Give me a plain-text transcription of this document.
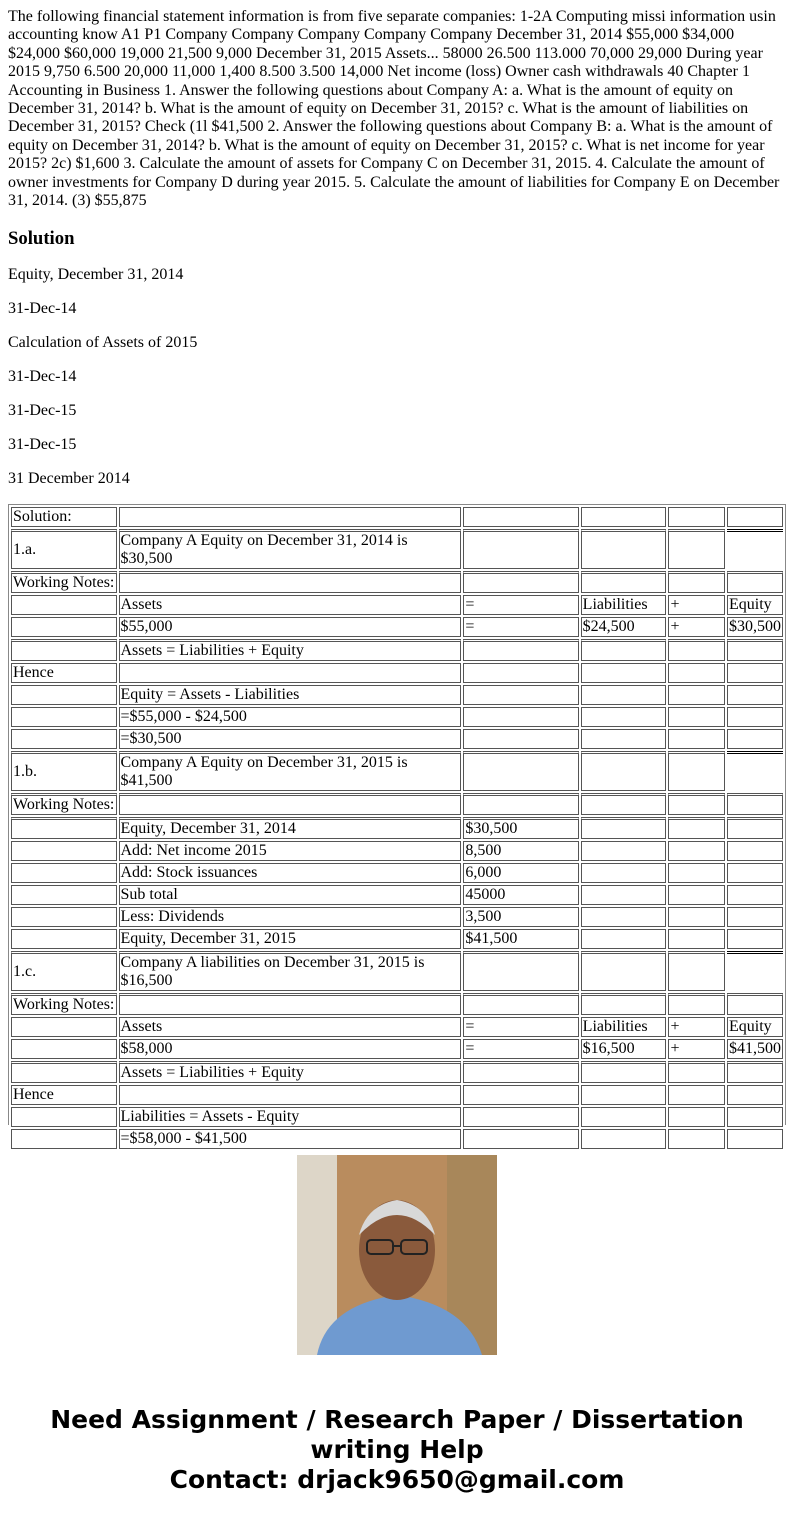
The following financial statement information is from five separate companies: 1-2A Computing missi information usin accounting know A1 P1 Company Company Company Company Company December 31, 2014 $55,000 $34,000 $24,000 $60,000 19,000 21,500 9,000 December 31, 2015 Assets... 58000 26.500 113.000 70,000 29,000 During year 2015 9,750 6.500 20,000 11,000 1,400 8.500 3.500 14,000 Net income (loss) Owner cash withdrawals 40 Chapter 1 Accounting in Business 1. Answer the following questions about Company A: a. What is the amount of equity on December 31, 2014? b. What is the amount of equity on December 31, 2015? c. What is the amount of liabilities on December 31, 2015? Check (1l $41,500 2. Answer the following questions about Company B: a. What is the amount of equity on December 31, 2014? b. What is the amount of equity on December 31, 2015? c. What is net income for year 2015? 2c) $1,600 3. Calculate the amount of assets for Company C on December 31, 2015. 4. Calculate the amount of owner investments for Company D during year 2015. 5. Calculate the amount of liabilities for Company E on December 31, 2014. (3) $55,875

Solution

Equity, December 31, 2014

31-Dec-14

Calculation of Assets of 2015

31-Dec-14

31-Dec-15

31-Dec-15

31 December 2014

Solution:					
1.a.	Company A Equity on December 31, 2014 is $30,500				
Working Notes:					
	Assets	=	Liabilities	+	Equity
	$55,000	=	$24,500	+	$30,500
	Assets = Liabilities + Equity				
Hence					
	Equity = Assets - Liabilities				
	=$55,000 - $24,500				
	=$30,500				
1.b.	Company A Equity on December 31, 2015 is $41,500				
Working Notes:					
	Equity, December 31, 2014	$30,500			
	Add: Net income 2015	8,500			
	Add: Stock issuances	6,000			
	Sub total	45000			
	Less: Dividends	3,500			
	Equity, December 31, 2015	$41,500			
1.c.	Company A liabilities on December 31, 2015 is $16,500				
Working Notes:					
	Assets	=	Liabilities	+	Equity
	$58,000	=	$16,500	+	$41,500
	Assets = Liabilities + Equity				
Hence					
	Liabilities = Assets - Equity				
	=$58,000 - $41,500				
Need Assignment / Research Paper / Dissertation writing Help
Contact: drjack9650@gmail.com
